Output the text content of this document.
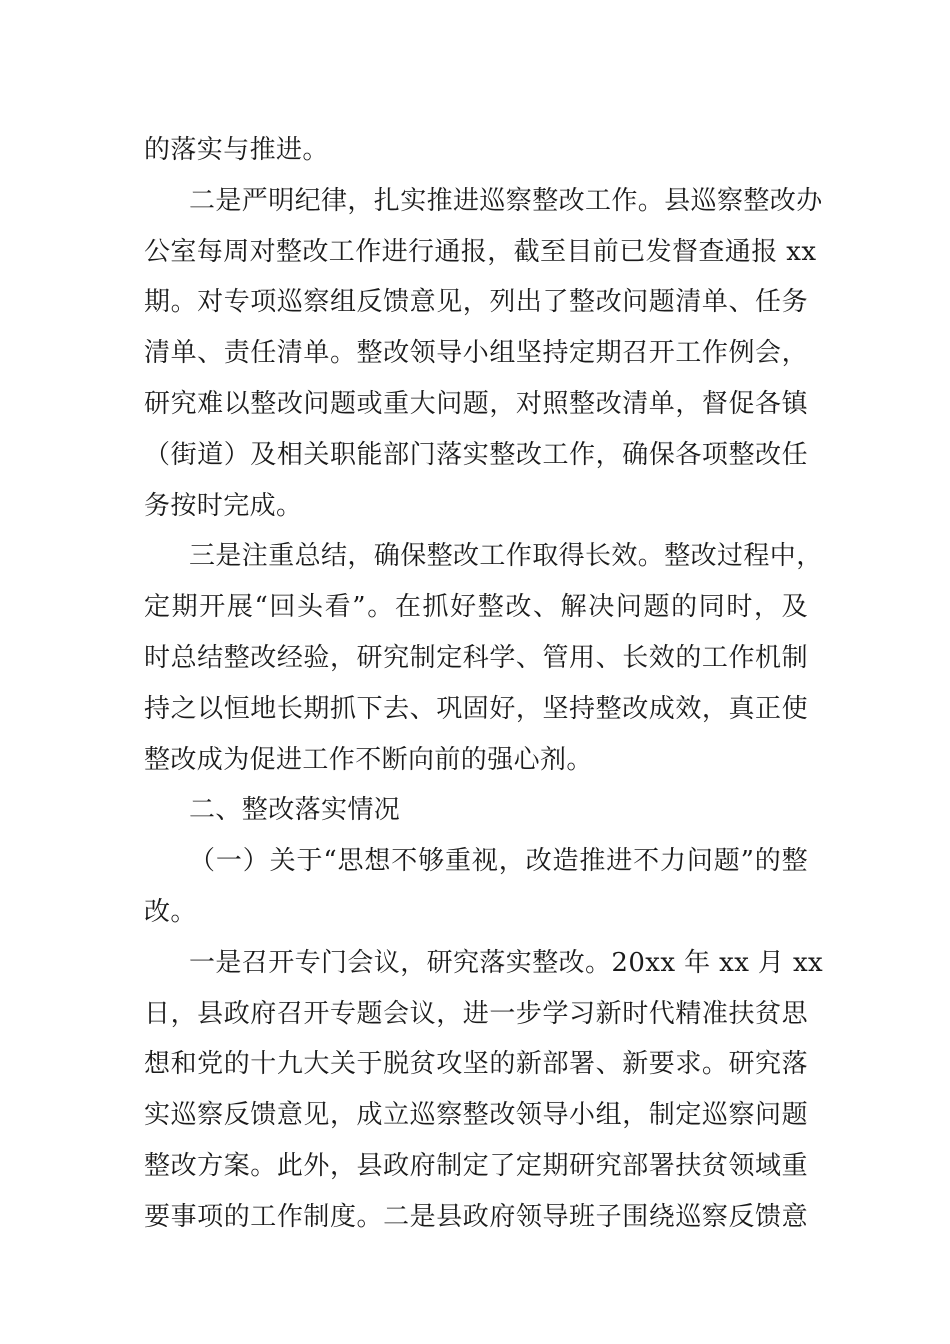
的落实与推进。
二是严明纪律，扎实推进巡察整改工作。县巡察整改办
公室每周对整改工作进行通报，截至目前已发督查通报 xx
期。对专项巡察组反馈意见，列出了整改问题清单、任务
清单、责任清单。整改领导小组坚持定期召开工作例会，
研究难以整改问题或重大问题，对照整改清单，督促各镇
（街道）及相关职能部门落实整改工作，确保各项整改任
务按时完成。
三是注重总结，确保整改工作取得长效。整改过程中，
定期开展“回头看”。在抓好整改、解决问题的同时，及
时总结整改经验，研究制定科学、管用、长效的工作机制
持之以恒地长期抓下去、巩固好，坚持整改成效，真正使
整改成为促进工作不断向前的强心剂。
二、整改落实情况
（一）关于“思想不够重视，改造推进不力问题”的整
改。
一是召开专门会议，研究落实整改。20xx 年 xx 月 xx
日，县政府召开专题会议，进一步学习新时代精准扶贫思
想和党的十九大关于脱贫攻坚的新部署、新要求。研究落
实巡察反馈意见，成立巡察整改领导小组，制定巡察问题
整改方案。此外，县政府制定了定期研究部署扶贫领域重
要事项的工作制度。二是县政府领导班子围绕巡察反馈意
